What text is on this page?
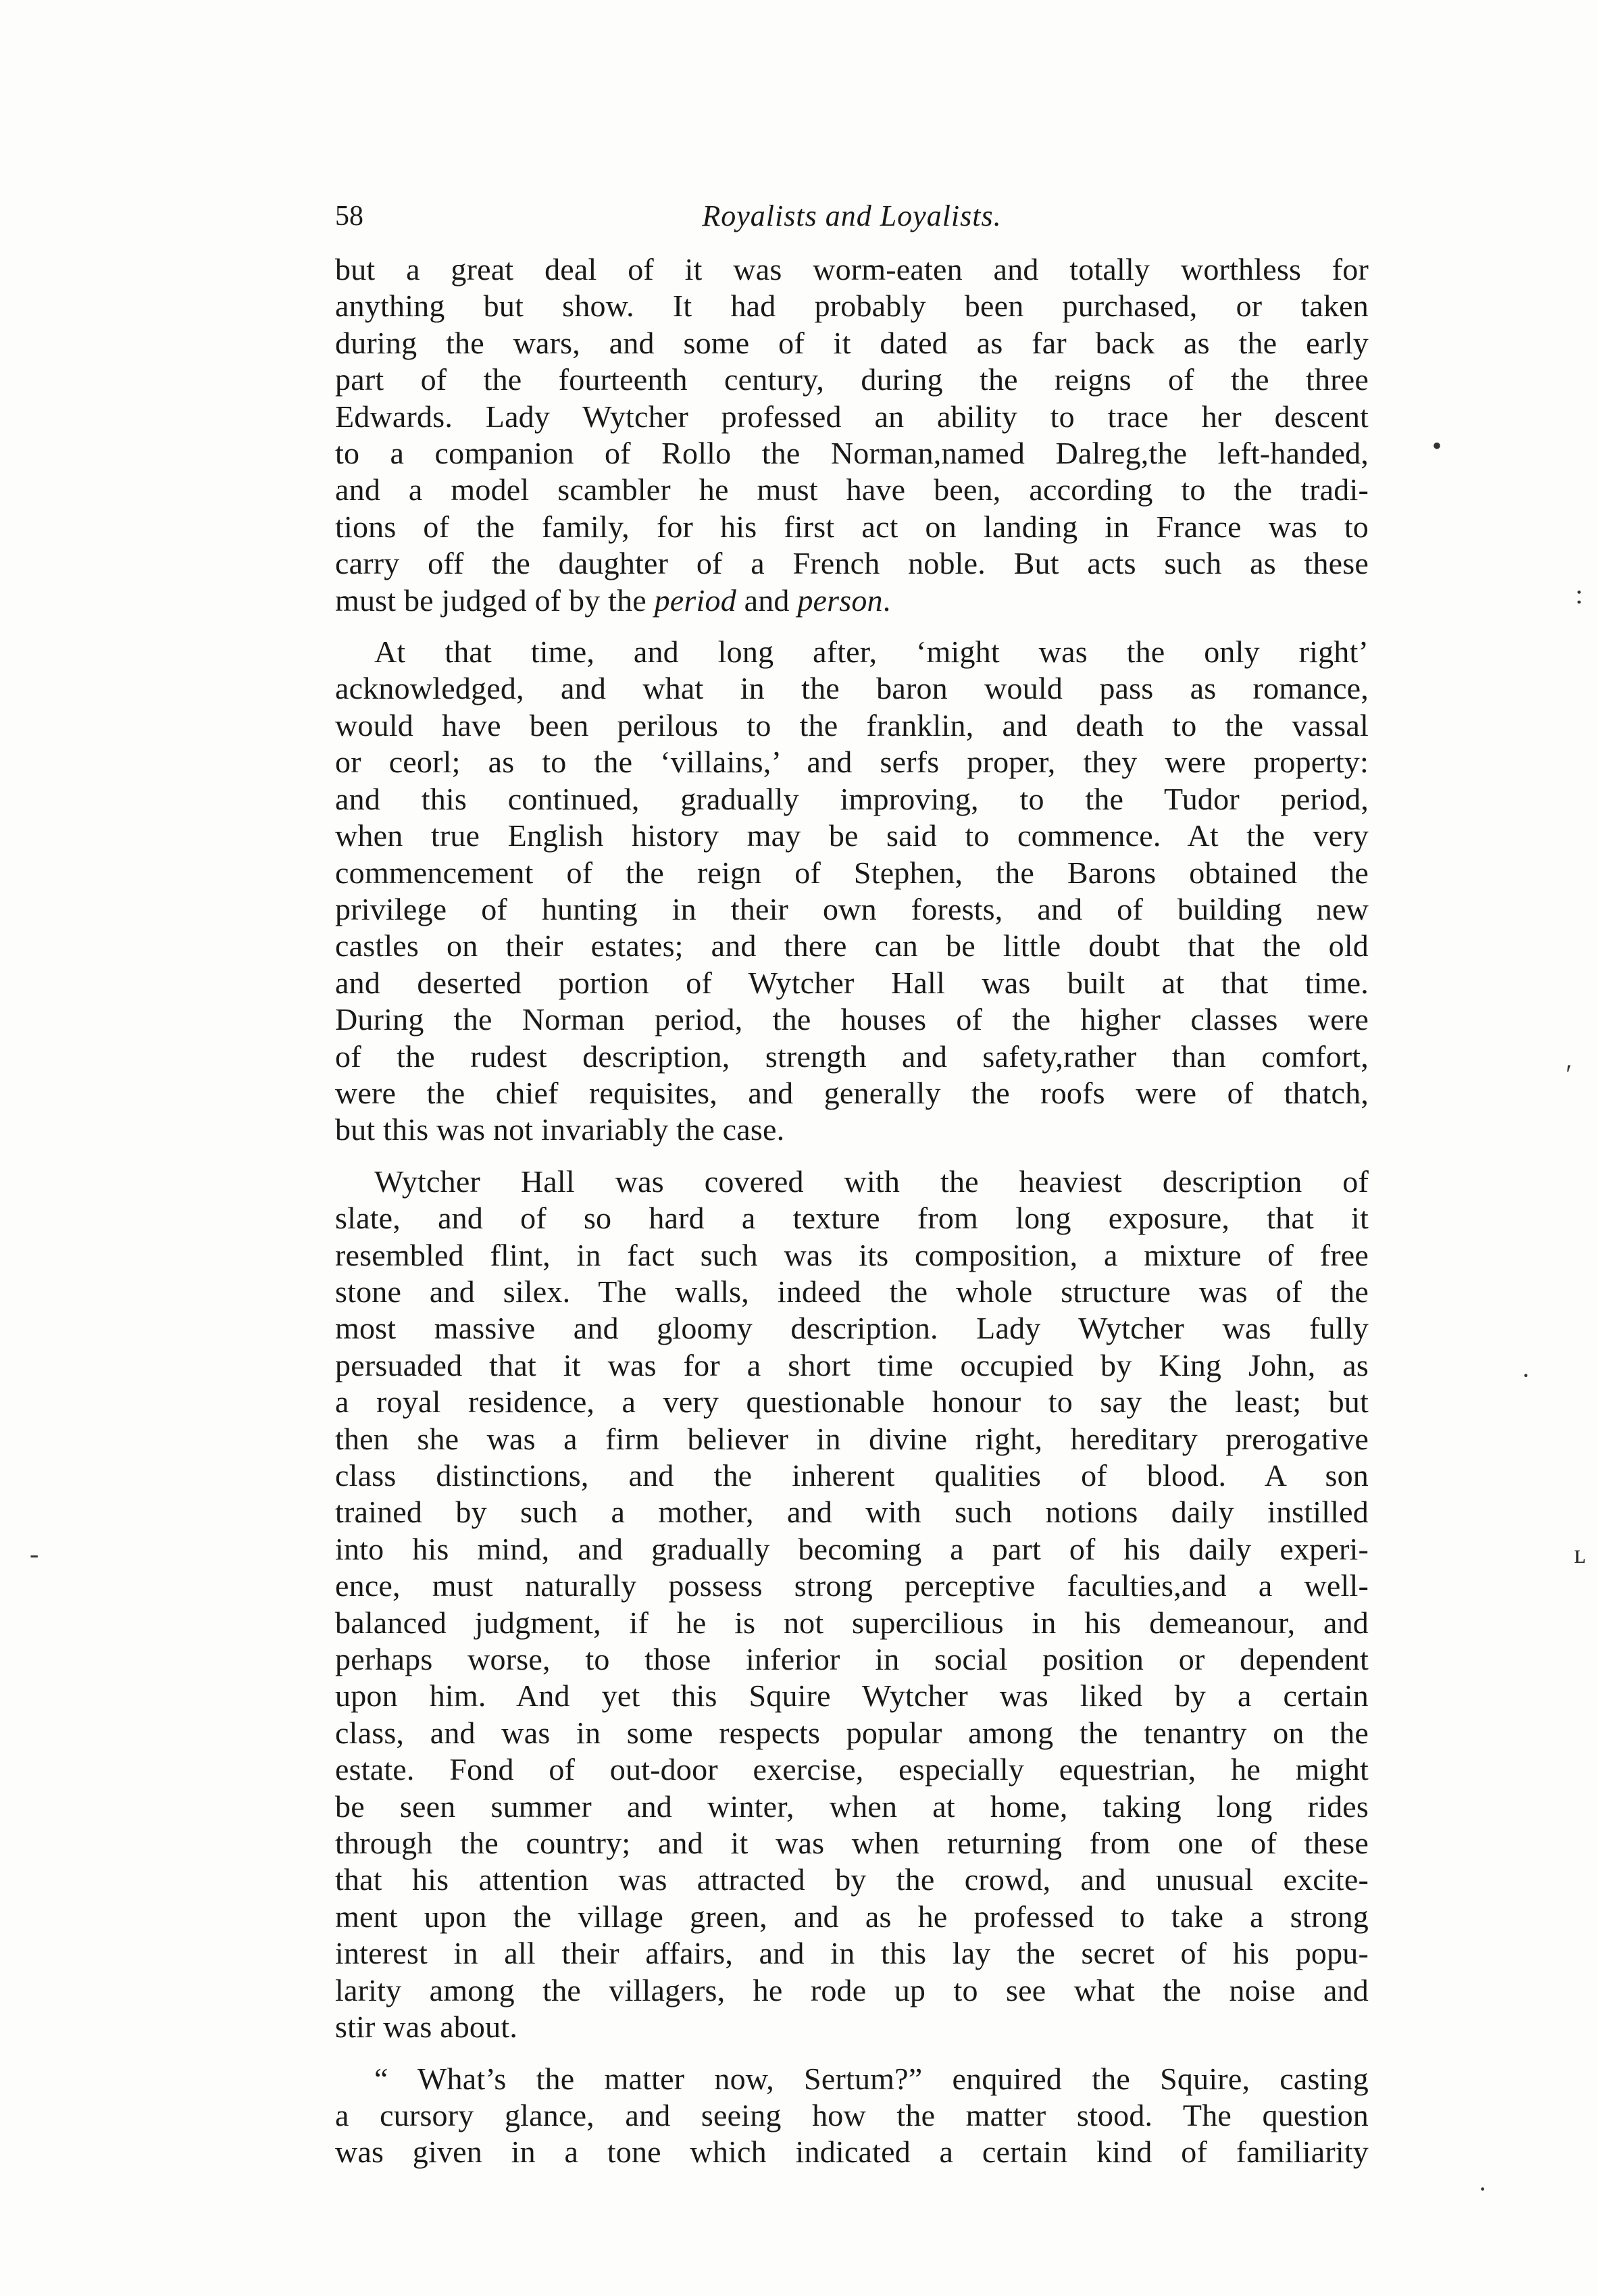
58	Royalists and Loyalists.
but a great deal of it was worm-eaten and totally worthless for
anything but show. It had probably been purchased, or taken
during the wars, and some of it dated as far back as the early
part of the fourteenth century, during the reigns of the three
Edwards. Lady Wytcher professed an ability to trace her descent
to a companion of Rollo the Norman,named Dalreg,the left-handed,
and a model scambler he must have been, according to the tradi-
tions of the family, for his first act on landing in France was to
carry off the daughter of a French noble. But acts such as these
must be judged of by the period and person.
At that time, and long after, ‘might was the only right’
acknowledged, and what in the baron would pass as romance,
would have been perilous to the franklin, and death to the vassal
or ceorl; as to the ‘villains,’ and serfs proper, they were property:
and this continued, gradually improving, to the Tudor period,
when true English history may be said to commence. At the very
commencement of the reign of Stephen, the Barons obtained the
privilege of hunting in their own forests, and of building new
castles on their estates; and there can be little doubt that the old
and deserted portion of Wytcher Hall was built at that time.
During the Norman period, the houses of the higher classes were
of the rudest description, strength and safety,rather than comfort,
were the chief requisites, and generally the roofs were of thatch,
but this was not invariably the case.
Wytcher Hall was covered with the heaviest description of
slate, and of so hard a texture from long exposure, that it
resembled flint, in fact such was its composition, a mixture of free
stone and silex. The walls, indeed the whole structure was of the
most massive and gloomy description. Lady Wytcher was fully
persuaded that it was for a short time occupied by King John, as
a royal residence, a very questionable honour to say the least; but
then she was a firm believer in divine right, hereditary prerogative
class distinctions, and the inherent qualities of blood. A son
trained by such a mother, and with such notions daily instilled
into his mind, and gradually becoming a part of his daily experi-
ence, must naturally possess strong perceptive faculties,and a well-
balanced judgment, if he is not supercilious in his demeanour, and
perhaps worse, to those inferior in social position or dependent
upon him. And yet this Squire Wytcher was liked by a certain
class, and was in some respects popular among the tenantry on the
estate. Fond of out-door exercise, especially equestrian, he might
be seen summer and winter, when at home, taking long rides
through the country; and it was when returning from one of these
that his attention was attracted by the crowd, and unusual excite-
ment upon the village green, and as he professed to take a strong
interest in all their affairs, and in this lay the secret of his popu-
larity among the villagers, he rode up to see what the noise and
stir was about.
“ What’s the matter now, Sertum?” enquired the Squire, casting
a cursory glance, and seeing how the matter stood. The question
was given in a tone which indicated a certain kind of familiarity
•
:
ʹ
·
ʟ
-
·
